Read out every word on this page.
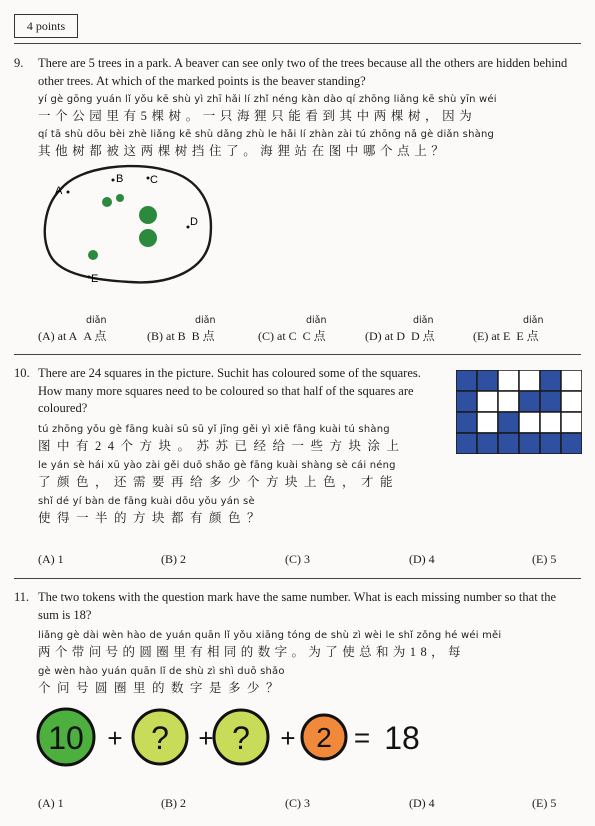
4 points
9. There are 5 trees in a park. A beaver can see only two of the trees because all the others are hidden behind other trees. At which of the marked points is the beaver standing?
yí gè gōng yuán lǐ yǒu kē shù yì zhī hǎi lí zhǐ néng kàn dào qí zhōng liǎng kē shù yīn wéi
一个公园里有5棵树。一只海狸只能看到其中两棵树，因为
qí tā shù dōu bèi zhè liǎng kē shù dǎng zhù le hǎi lí zhàn zài tú zhōng nǎ gè diǎn shàng
其他树都被这两棵树挡住了。海狸站在图中哪个点上？
A
B C
D
E
diǎn
(A) at A A 点
diǎn
(B) at B B 点
diǎn
(C) at C C 点
diǎn
(D) at D D 点
diǎn
(E) at E E 点
10. There are 24 squares in the picture. Suchit has coloured some of the squares. How many more squares need to be coloured so that half of the squares are coloured?
tú zhōng yǒu gè fāng kuài sū sū yǐ jīng gěi yì xiē fāng kuài tú shàng
图中有24个方块。苏苏已经给一些方块涂上
le yán sè hái xū yào zài gěi duō shǎo gè fāng kuài shàng sè cái néng
了颜色，还需要再给多少个方块上色，才能
shǐ dé yí bàn de fāng kuài dōu yǒu yán sè
使得一半的方块都有颜色？
(A) 1	(B) 2	(C) 3	(D) 4	(E) 5
11. The two tokens with the question mark have the same number. What is each missing number so that the sum is 18?
liǎng gè dài wèn hào de yuán quān lǐ yǒu xiāng tóng de shù zì wèi le shǐ zǒng hé wéi měi
两个带问号的圆圈里有相同的数字。为了使总和为18，每
gè wèn hào yuán quān lǐ de shù zì shì duō shǎo
个问号圆圈里的数字是多少？
10 + ? + ? + 2 = 18
(A) 1	(B) 2	(C) 3	(D) 4	(E) 5
